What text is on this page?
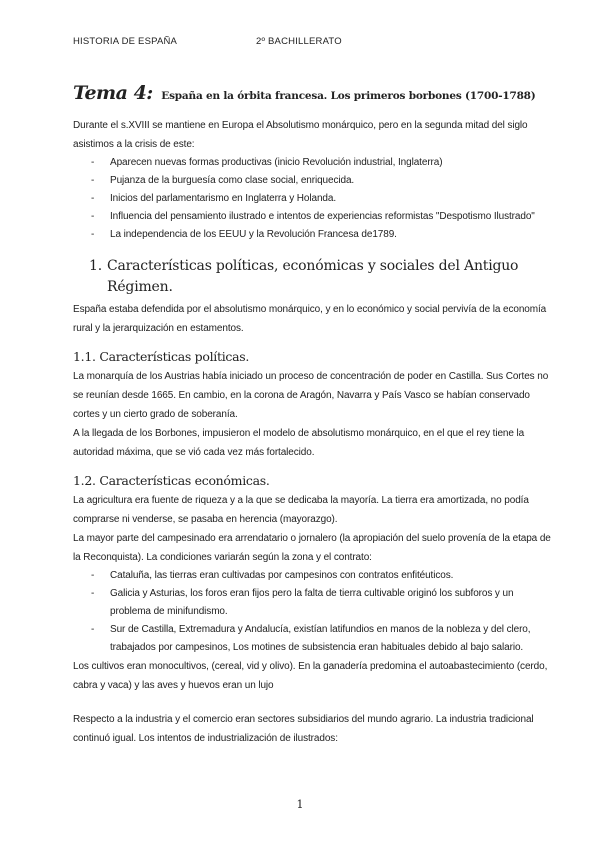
HISTORIA DE ESPAÑA	2º BACHILLERATO
Tema 4: España en la órbita francesa. Los primeros borbones (1700-1788)

Durante el s.XVIII se mantiene en Europa el Absolutismo monárquico, pero en la segunda mitad del siglo asistimos a la crisis de este:

- Aparecen nuevas formas productivas (inicio Revolución industrial, Inglaterra)
- Pujanza de la burguesía como clase social, enriquecida.
- Inicios del parlamentarismo en Inglaterra y Holanda.
- Influencia del pensamiento ilustrado e intentos de experiencias reformistas "Despotismo Ilustrado"
- La independencia de los EEUU y la Revolución Francesa de1789.
1. Características políticas, económicas y sociales del Antiguo Régimen.

España estaba defendida por el absolutismo monárquico, y en lo económico y social pervivía de la economía rural y la jerarquización en estamentos.

1.1. Características políticas.

La monarquía de los Austrias había iniciado un proceso de concentración de poder en Castilla. Sus Cortes no se reunían desde 1665. En cambio, en la corona de Aragón, Navarra y País Vasco se habían conservado cortes y un cierto grado de soberanía.

A la llegada de los Borbones, impusieron el modelo de absolutismo monárquico, en el que el rey tiene la autoridad máxima, que se vió cada vez más fortalecido.

1.2. Características económicas.

La agricultura era fuente de riqueza y a la que se dedicaba la mayoría. La tierra era amortizada, no podía comprarse ni venderse, se pasaba en herencia (mayorazgo).

La mayor parte del campesinado era arrendatario o jornalero (la apropiación del suelo provenía de la etapa de la Reconquista). La condiciones variarán según la zona y el contrato:

- Cataluña, las tierras eran cultivadas por campesinos con contratos enfitéuticos.
- Galicia y Asturias, los foros eran fijos pero la falta de tierra cultivable originó los subforos y un problema de minifundismo.
- Sur de Castilla, Extremadura y Andalucía, existían latifundios en manos de la nobleza y del clero, trabajados por campesinos, Los motines de subsistencia eran habituales debido al bajo salario.

Los cultivos eran monocultivos, (cereal, vid y olivo). En la ganadería predomina el autoabastecimiento (cerdo, cabra y vaca) y las aves y huevos eran un lujo

Respecto a la industria y el comercio eran sectores subsidiarios del mundo agrario. La industria tradicional continuó igual. Los intentos de industrialización de ilustrados:

1
